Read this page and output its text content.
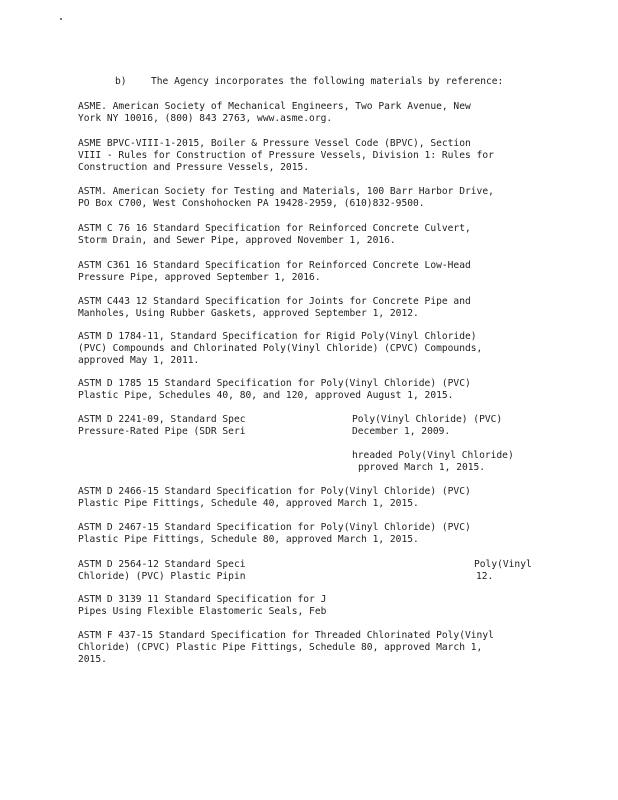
b)	The Agency incorporates the following materials by reference:
ASME. American Society of Mechanical Engineers, Two Park Avenue, New
York NY 10016, (800) 843 2763, www.asme.org.
ASME BPVC-VIII-1-2015, Boiler & Pressure Vessel Code (BPVC), Section
VIII - Rules for Construction of Pressure Vessels, Division 1: Rules for
Construction and Pressure Vessels, 2015.
ASTM. American Society for Testing and Materials, 100 Barr Harbor Drive,
PO Box C700, West Conshohocken PA 19428-2959, (610)832-9500.
ASTM C 76 16 Standard Specification for Reinforced Concrete Culvert,
Storm Drain, and Sewer Pipe, approved November 1, 2016.
ASTM C361 16 Standard Specification for Reinforced Concrete Low-Head
Pressure Pipe, approved September 1, 2016.
ASTM C443 12 Standard Specification for Joints for Concrete Pipe and
Manholes, Using Rubber Gaskets, approved September 1, 2012.
ASTM D 1784-11, Standard Specification for Rigid Poly(Vinyl Chloride)
(PVC) Compounds and Chlorinated Poly(Vinyl Chloride) (CPVC) Compounds,
approved May 1, 2011.
ASTM D 1785 15 Standard Specification for Poly(Vinyl Chloride) (PVC)
Plastic Pipe, Schedules 40, 80, and 120, approved August 1, 2015.
ASTM D 2241-09, Standard Spec
Pressure-Rated Pipe (SDR Seri
Poly(Vinyl Chloride) (PVC)
December 1, 2009.
hreaded Poly(Vinyl Chloride)
pproved March 1, 2015.
ASTM D 2466-15 Standard Specification for Poly(Vinyl Chloride) (PVC)
Plastic Pipe Fittings, Schedule 40, approved March 1, 2015.
ASTM D 2467-15 Standard Specification for Poly(Vinyl Chloride) (PVC)
Plastic Pipe Fittings, Schedule 80, approved March 1, 2015.
ASTM D 2564-12 Standard Speci
Chloride) (PVC) Plastic Pipin
Poly(Vinyl
12.
ASTM D 3139 11 Standard Specification for J
Pipes Using Flexible Elastomeric Seals, Feb
ASTM F 437-15 Standard Specification for Threaded Chlorinated Poly(Vinyl
Chloride) (CPVC) Plastic Pipe Fittings, Schedule 80, approved March 1,
2015.
